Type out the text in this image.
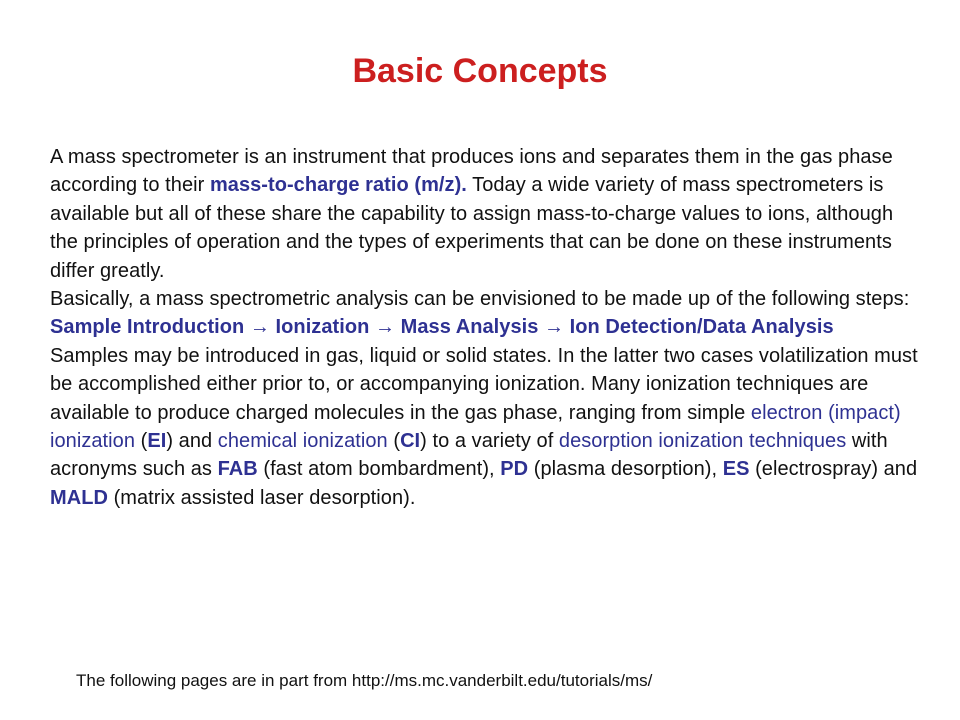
Basic Concepts

A mass spectrometer is an instrument that produces ions and separates them in the gas phase according to their mass-to-charge ratio (m/z). Today a wide variety of mass spectrometers is available but all of these share the capability to assign mass-to-charge values to ions, although the principles of operation and the types of experiments that can be done on these instruments differ greatly.

Basically, a mass spectrometric analysis can be envisioned to be made up of the following steps:

Sample Introduction → Ionization → Mass Analysis → Ion Detection/Data Analysis

Samples may be introduced in gas, liquid or solid states. In the latter two cases volatilization must be accomplished either prior to, or accompanying ionization. Many ionization techniques are available to produce charged molecules in the gas phase, ranging from simple electron (impact) ionization (EI) and chemical ionization (CI) to a variety of desorption ionization techniques with acronyms such as FAB (fast atom bombardment), PD (plasma desorption), ES (electrospray) and MALD (matrix assisted laser desorption).

The following pages are in part from http://ms.mc.vanderbilt.edu/tutorials/ms/
